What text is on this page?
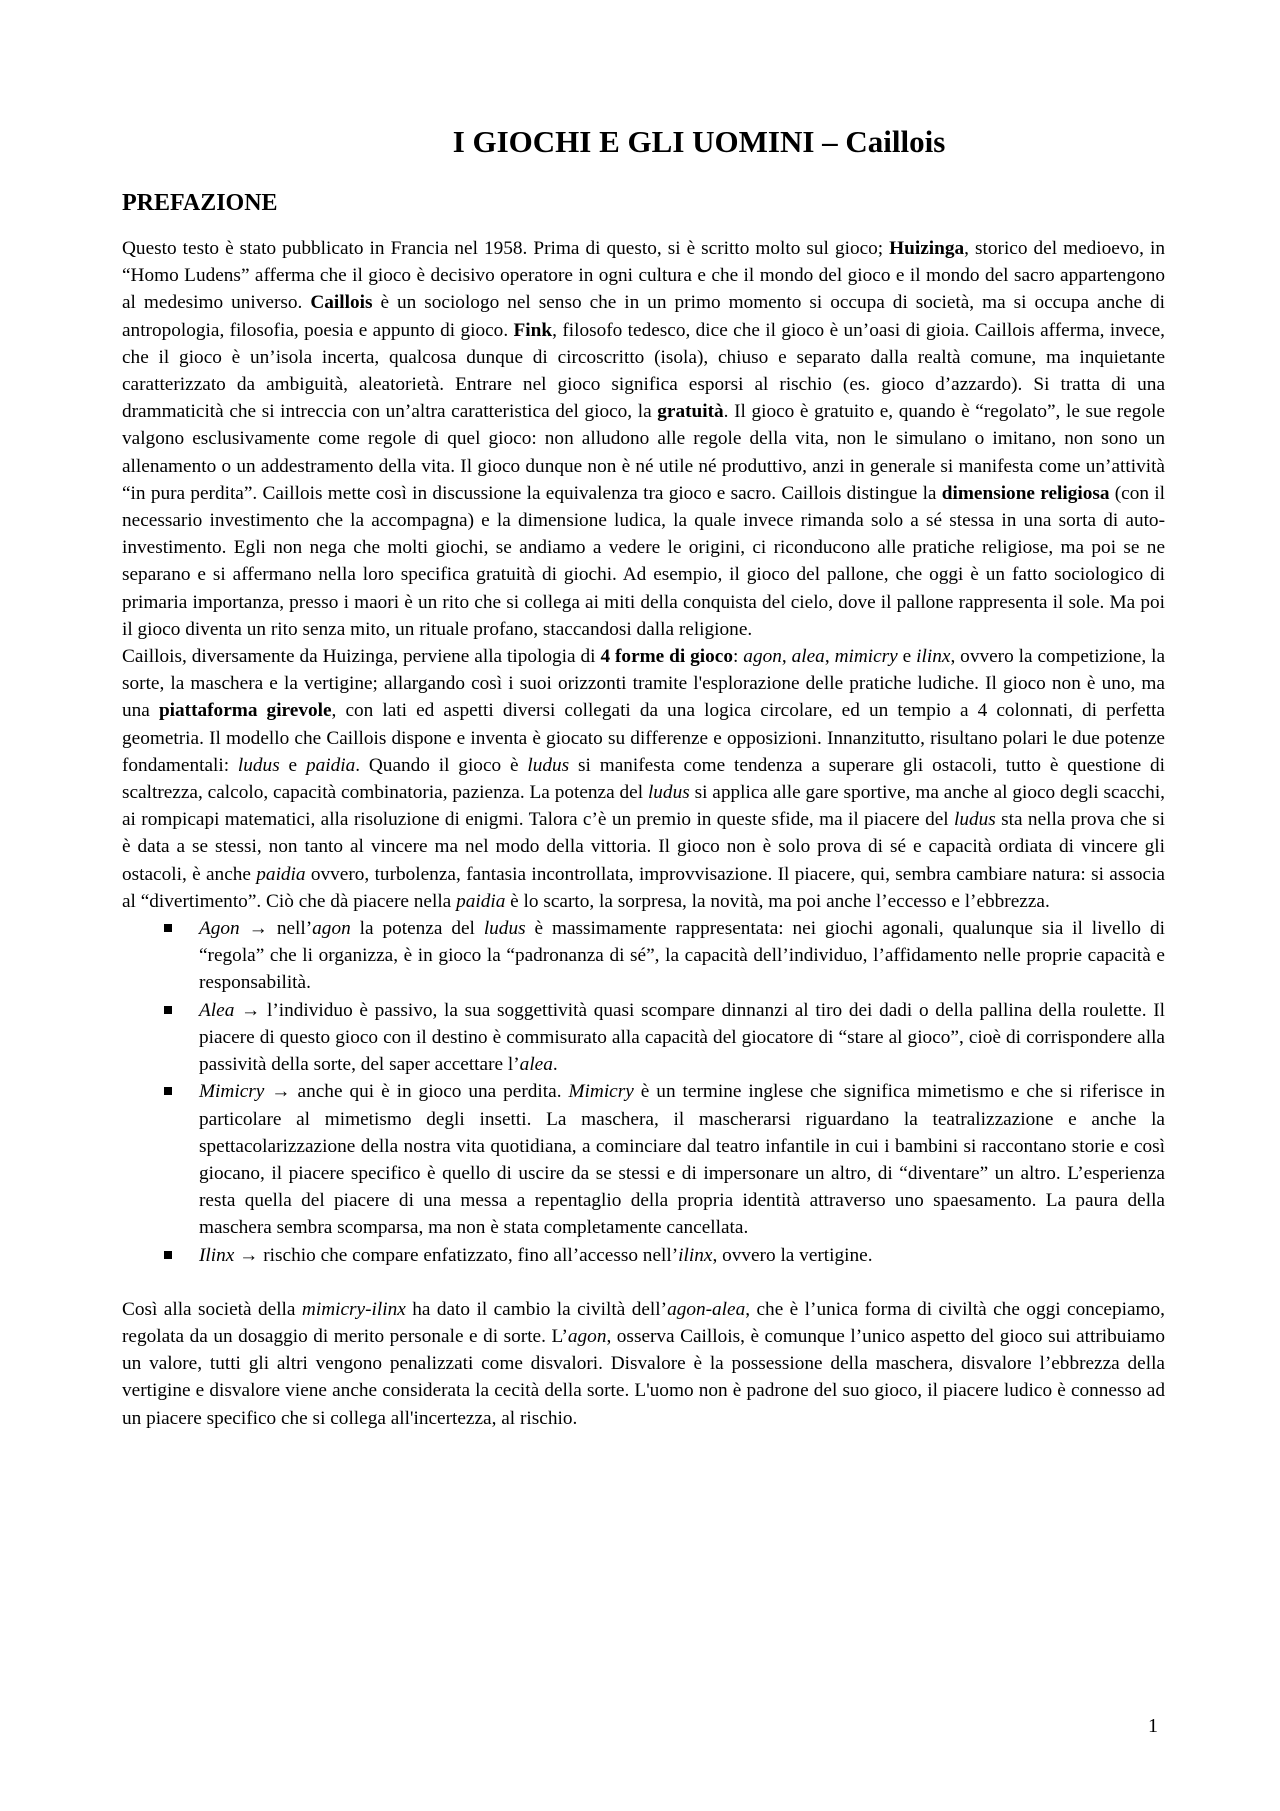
I GIOCHI E GLI UOMINI – Caillois
PREFAZIONE

Questo testo è stato pubblicato in Francia nel 1958. Prima di questo, si è scritto molto sul gioco; Huizinga, storico del medioevo, in “Homo Ludens” afferma che il gioco è decisivo operatore in ogni cultura e che il mondo del gioco e il mondo del sacro appartengono al medesimo universo. Caillois è un sociologo nel senso che in un primo momento si occupa di società, ma si occupa anche di antropologia, filosofia, poesia e appunto di gioco. Fink, filosofo tedesco, dice che il gioco è un’oasi di gioia. Caillois afferma, invece, che il gioco è un’isola incerta, qualcosa dunque di circoscritto (isola), chiuso e separato dalla realtà comune, ma inquietante caratterizzato da ambiguità, aleatorietà. Entrare nel gioco significa esporsi al rischio (es. gioco d’azzardo). Si tratta di una drammaticità che si intreccia con un’altra caratteristica del gioco, la gratuità. Il gioco è gratuito e, quando è “regolato”, le sue regole valgono esclusivamente come regole di quel gioco: non alludono alle regole della vita, non le simulano o imitano, non sono un allenamento o un addestramento della vita. Il gioco dunque non è né utile né produttivo, anzi in generale si manifesta come un’attività “in pura perdita”. Caillois mette così in discussione la equivalenza tra gioco e sacro. Caillois distingue la dimensione religiosa (con il necessario investimento che la accompagna) e la dimensione ludica, la quale invece rimanda solo a sé stessa in una sorta di auto-investimento. Egli non nega che molti giochi, se andiamo a vedere le origini, ci riconducono alle pratiche religiose, ma poi se ne separano e si affermano nella loro specifica gratuità di giochi. Ad esempio, il gioco del pallone, che oggi è un fatto sociologico di primaria importanza, presso i maori è un rito che si collega ai miti della conquista del cielo, dove il pallone rappresenta il sole. Ma poi il gioco diventa un rito senza mito, un rituale profano, staccandosi dalla religione.

Caillois, diversamente da Huizinga, perviene alla tipologia di 4 forme di gioco: agon, alea, mimicry e ilinx, ovvero la competizione, la sorte, la maschera e la vertigine; allargando così i suoi orizzonti tramite l'esplorazione delle pratiche ludiche. Il gioco non è uno, ma una piattaforma girevole, con lati ed aspetti diversi collegati da una logica circolare, ed un tempio a 4 colonnati, di perfetta geometria. Il modello che Caillois dispone e inventa è giocato su differenze e opposizioni. Innanzitutto, risultano polari le due potenze fondamentali: ludus e paidia. Quando il gioco è ludus si manifesta come tendenza a superare gli ostacoli, tutto è questione di scaltrezza, calcolo, capacità combinatoria, pazienza. La potenza del ludus si applica alle gare sportive, ma anche al gioco degli scacchi, ai rompicapi matematici, alla risoluzione di enigmi. Talora c’è un premio in queste sfide, ma il piacere del ludus sta nella prova che si è data a se stessi, non tanto al vincere ma nel modo della vittoria. Il gioco non è solo prova di sé e capacità ordiata di vincere gli ostacoli, è anche paidia ovvero, turbolenza, fantasia incontrollata, improvvisazione. Il piacere, qui, sembra cambiare natura: si associa al “divertimento”. Ciò che dà piacere nella paidia è lo scarto, la sorpresa, la novità, ma poi anche l’eccesso e l’ebbrezza.

Agon → nell’agon la potenza del ludus è massimamente rappresentata: nei giochi agonali, qualunque sia il livello di “regola” che li organizza, è in gioco la “padronanza di sé”, la capacità dell’individuo, l’affidamento nelle proprie capacità e responsabilità.
Alea → l’individuo è passivo, la sua soggettività quasi scompare dinnanzi al tiro dei dadi o della pallina della roulette. Il piacere di questo gioco con il destino è commisurato alla capacità del giocatore di “stare al gioco”, cioè di corrispondere alla passività della sorte, del saper accettare l’alea.
Mimicry → anche qui è in gioco una perdita. Mimicry è un termine inglese che significa mimetismo e che si riferisce in particolare al mimetismo degli insetti. La maschera, il mascherarsi riguardano la teatralizzazione e anche la spettacolarizzazione della nostra vita quotidiana, a cominciare dal teatro infantile in cui i bambini si raccontano storie e così giocano, il piacere specifico è quello di uscire da se stessi e di impersonare un altro, di “diventare” un altro. L’esperienza resta quella del piacere di una messa a repentaglio della propria identità attraverso uno spaesamento. La paura della maschera sembra scomparsa, ma non è stata completamente cancellata.
Ilinx → rischio che compare enfatizzato, fino all’accesso nell’ilinx, ovvero la vertigine.

Così alla società della mimicry-ilinx ha dato il cambio la civiltà dell’agon-alea, che è l’unica forma di civiltà che oggi concepiamo, regolata da un dosaggio di merito personale e di sorte. L’agon, osserva Caillois, è comunque l’unico aspetto del gioco sui attribuiamo un valore, tutti gli altri vengono penalizzati come disvalori. Disvalore è la possessione della maschera, disvalore l’ebbrezza della vertigine e disvalore viene anche considerata la cecità della sorte. L'uomo non è padrone del suo gioco, il piacere ludico è connesso ad un piacere specifico che si collega all'incertezza, al rischio.

1
